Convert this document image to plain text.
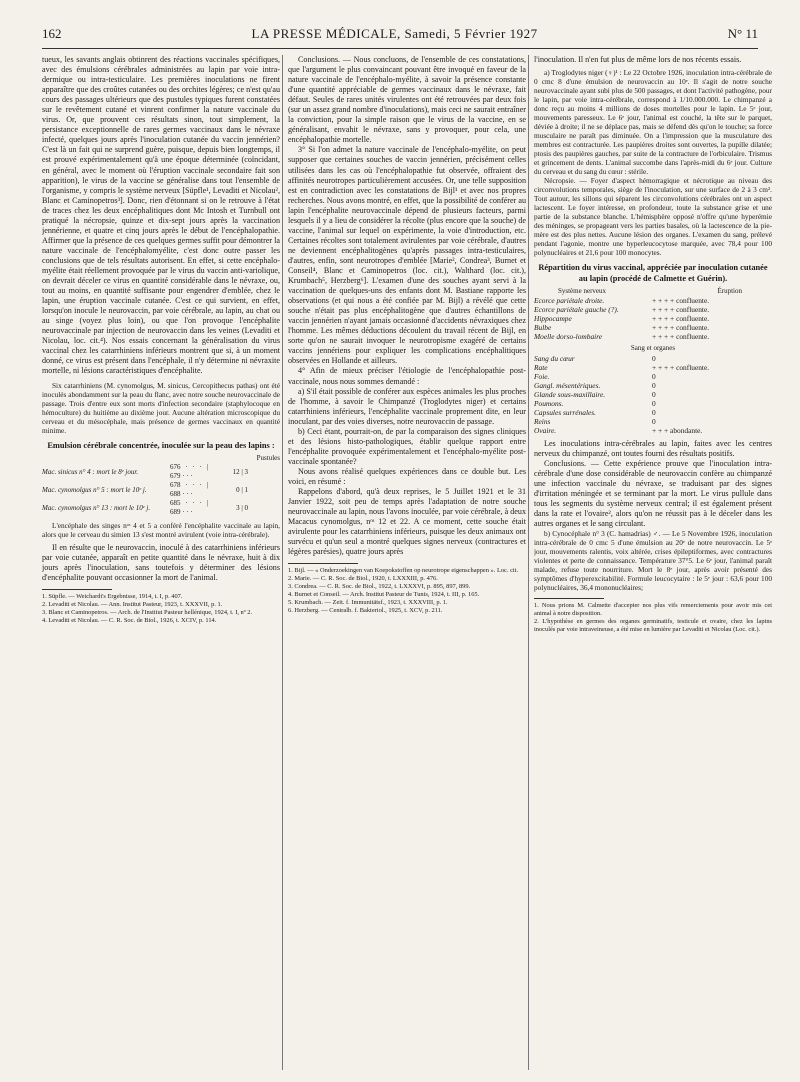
162	LA PRESSE MÉDICALE, Samedi, 5 Février 1927	N° 11

tueux, les savants anglais obtinrent des réactions vaccinales spécifiques, avec des émulsions cérébrales administrées au lapin par voie intra-dermique ou intra-testiculaire. Les premières inoculations ne firent apparaître que des croûtes cutanées ou des orchites légères; ce n'est qu'au cours des passages ultérieurs que des pustules typiques furent constatées sur le revêtement cutané et vinrent confirmer la nature vaccinale du virus. Or, que prouvent ces résultats sinon, tout simplement, la persistance exceptionnelle de rares germes vaccinaux dans le névraxe infecté, quelques jours après l'inoculation cutanée du vaccin jennérien? C'est là un fait qui ne surprend guère, puisque, depuis bien longtemps, il est prouvé expérimentalement qu'à une époque déterminée (coïncidant, en général, avec le moment où l'éruption vaccinale secondaire fait son apparition), le virus de la vaccine se généralise dans tout l'ensemble de l'organisme, y compris le système nerveux [Süpfle¹, Levaditi et Nicolau², Blanc et Caminopetros³]. Donc, rien d'étonnant si on le retrouve à l'état de traces chez les deux encéphalitiques dont Mc Intosh et Turnbull ont pratiqué la nécropsie, quinze et dix-sept jours après la vaccination jennérienne, et quatre et cinq jours après le début de l'encéphalopathie. Affirmer que la présence de ces quelques germes suffit pour démontrer la nature vaccinale de l'encéphalomyélite, c'est donc outre passer les conclusions que de tels résultats autorisent. En effet, si cette encéphalo-myélite était réellement provoquée par le virus du vaccin anti-variolique, on devrait déceler ce virus en quantité considérable dans le névraxe, ou, tout au moins, en quantité suffisante pour engendrer d'emblée, chez le lapin, une éruption vaccinale cutanée. C'est ce qui survient, en effet, lorsqu'on inocule le neurovaccin, par voie cérébrale, au lapin, au chat ou au singe (voyez plus loin), ou que l'on provoque l'encéphalite neurovaccinale par injection de neurovaccin dans les veines (Levaditi et Nicolau, loc. cit.⁴). Nos essais concernant la généralisation du virus vaccinal chez les catarrhiniens inférieurs montrent que si, à un moment donné, ce virus est présent dans l'encéphale, il n'y détermine ni névraxite mortelle, ni lésions caractéristiques d'encéphalite.

Six catarrhiniens (M. cynomolgus, M. sinicus, Cercopithecus pathas) ont été inoculés abondamment sur la peau du flanc, avec notre souche neurovaccinale de passage. Trois d'entre eux sont morts d'infection secondaire (staphylocoque en hémoculture) du huitième au dixième jour. Aucune altération microscopique du cerveau et du mésocéphale, mais présence de germes vaccinaux en quantité minime.

Emulsion cérébrale concentrée, inoculée sur la peau des lapins :
Pustules
Mac. sinicus n° 4 : mort le 8ᵉ jour.
676 · · · | 679 · · ·
12 | 3
Mac. cynomolgus n° 5 : mort le 10ᵉ j.
678 · · · | 688 · · ·
0 | 1
Mac. cynomolgus n° 13 : mort le 10ᵉ j.
685 · · · | 689 · · ·
3 | 0

L'encéphale des singes nᵒˢ 4 et 5 a conféré l'encéphalite vaccinale au lapin, alors que le cerveau du simien 13 s'est montré avirulent (voie intra-cérébrale).

Il en résulte que le neurovaccin, inoculé à des catarrhiniens inférieurs par voie cutanée, apparaît en petite quantité dans le névraxe, huit à dix jours après l'inoculation, sans toutefois y déterminer des lésions d'encéphalite pouvant occasionner la mort de l'animal.

1. Süpfle. — Weichardt's Ergebnisse, 1914, t. I, p. 407.
2. Levaditi et Nicolau. — Ann. Institut Pasteur, 1923, t. XXXVII, p. 1.
3. Blanc et Caminopetros. — Arch. de l'Institut Pasteur hellénique, 1924, t. I, nº 2.
4. Levaditi et Nicolau. — C. R. Soc. de Biol., 1926, t. XCIV, p. 114.

Conclusions. — Nous concluons, de l'ensemble de ces constatations, que l'argument le plus convaincant pouvant être invoqué en faveur de la nature vaccinale de l'encéphalo-myélite, à savoir la présence constante d'une quantité appréciable de germes vaccinaux dans le névraxe, fait défaut. Seules de rares unités virulentes ont été retrouvées par deux fois (sur un assez grand nombre d'inoculations), mais ceci ne saurait entraîner la conviction, pour la simple raison que le virus de la vaccine, en se généralisant, envahit le névraxe, sans y provoquer, pour cela, une encéphalopathie mortelle.

3° Si l'on admet la nature vaccinale de l'encéphalo-myélite, on peut supposer que certaines souches de vaccin jennérien, précisément celles utilisées dans les cas où l'encéphalopathie fut observée, offraient des affinités neurotropes particulièrement accusées. Or, une telle supposition est en contradiction avec les constatations de Bijl¹ et avec nos propres recherches. Nous avons montré, en effet, que la possibilité de conférer au lapin l'encéphalite neurovaccinale dépend de plusieurs facteurs, parmi lesquels il y a lieu de considérer la récolte (plus encore que la souche) de vaccine, l'animal sur lequel on expérimente, la voie d'introduction, etc. Certaines récoltes sont totalement avirulentes par voie cérébrale, d'autres ne deviennent encéphalitogènes qu'après passages intra-testiculaires, d'autres, enfin, sont neurotropes d'emblée [Marie², Condrea³, Burnet et Conseil⁴, Blanc et Caminopetros (loc. cit.), Walthard (loc. cit.), Krumbach⁵, Herzberg⁶]. L'examen d'une des souches ayant servi à la vaccination de quelques-uns des enfants dont M. Bastiane rapporte les observations (et qui nous a été confiée par M. Bijl) a révélé que cette souche n'était pas plus encéphalitogène que d'autres échantillons de vaccin jennérien n'ayant jamais occasionné d'accidents névraxiques chez l'homme. Les mêmes déductions découlent du travail récent de Bijl, en sorte qu'on ne saurait invoquer le neurotropisme exagéré de certains vaccins jennériens pour expliquer les complications encéphalitiques observées en Hollande et ailleurs.

4° Afin de mieux préciser l'étiologie de l'encéphalopathie post-vaccinale, nous nous sommes demandé :

a) S'il était possible de conférer aux espèces animales les plus proches de l'homme, à savoir le Chimpanzé (Troglodytes niger) et certains catarrhiniens inférieurs, l'encéphalite vaccinale proprement dite, en leur inoculant, par des voies diverses, notre neurovaccin de passage.

b) Ceci étant, pourrait-on, de par la comparaison des signes cliniques et des lésions histo-pathologiques, établir quelque rapport entre l'encéphalite provoquée expérimentalement et l'encéphalo-myélite post-vaccinale spontanée?

Nous avons réalisé quelques expériences dans ce double but. Les voici, en résumé :

Rappelons d'abord, qu'à deux reprises, le 5 Juillet 1921 et le 31 Janvier 1922, soit peu de temps après l'adaptation de notre souche neurovaccinale au lapin, nous l'avons inoculée, par voie cérébrale, à deux Macacus cynomolgus, nᵒˢ 12 et 22. A ce moment, cette souche était avirulente pour les catarrhiniens inférieurs, puisque les deux animaux ont survécu et qu'un seul a montré quelques signes nerveux (contractures et légères parésies), quatre jours après

1. Bijl. — « Onderzoekingen van Koepokstoffen op neurotrope eigenschappen ». Loc. cit.
2. Marie. — C. R. Soc. de Biol., 1920, t. LXXXIII, p. 476.
3. Condrea. — C. R. Soc. de Biol., 1922, t. LXXXVI, p. 895, 897, 899.
4. Burnet et Conseil. — Arch. Institut Pasteur de Tunis, 1924, t. III, p. 165.
5. Krumbach. — Zeit. f. Immunitätsf., 1923, t. XXXVIII, p. 1.
6. Herzberg. — Centralb. f. Bakteriol., 1925, t. XCV, p. 211.

l'inoculation. Il n'en fut plus de même lors de nos récents essais.

a) Troglodytes niger (♀)¹ : Le 22 Octobre 1926, inoculation intra-cérébrale de 0 cmc 8 d'une émulsion de neurovaccin au 10ᵉ. Il s'agit de notre souche neurovaccinale ayant subi plus de 500 passages, et dont l'activité pathogène, pour le lapin, par voie intra-cérébrale, correspond à 1/10.000.000. Le chimpanzé a donc reçu au moins 4 millions de doses mortelles pour le lapin. Le 5ᵉ jour, mouvements paresseux. Le 6ᵉ jour, l'animal est couché, la tête sur le parquet, déviée à droite; il ne se déplace pas, mais se défend dès qu'on le touche; sa force musculaire ne paraît pas diminuée. On a l'impression que la musculature des membres est contracturée. Les paupières droites sont ouvertes, la pupille dilatée; ptosis des paupières gauches, par suite de la contracture de l'orbiculaire. Trismus et grincement de dents. L'animal succombe dans l'après-midi du 6ᵉ jour. Culture du cerveau et du sang du cœur : stérile.

Nécropsie. — Foyer d'aspect hémorragique et nécrotique au niveau des circonvolutions temporales, siège de l'inoculation, sur une surface de 2 à 3 cm². Tout autour, les sillons qui séparent les circonvolutions cérébrales ont un aspect lactescent. Le foyer intéresse, en profondeur, toute la substance grise et une partie de la substance blanche. L'hémisphère opposé n'offre qu'une hyperémie des méninges, se propageant vers les parties basales, où la lactescence de la pie-mère est des plus nettes. Aucune lésion des organes. L'examen du sang, prélevé pendant l'agonie, montre une hyperleucocytose marquée, avec 78,4 pour 100 polynucléaires et 21,6 pour 100 monocytes.

Répartition du virus vaccinal, appréciée par inoculation cutanée au lapin (procédé de Calmette et Guérin).
Système nerveux	Éruption
Ecorce pariétale droite.	+ + + + confluente.
Ecorce pariétale gauche (?).	+ + + + confluente.
Hippocampe	+ + + + confluente.
Bulbe	+ + + + confluente.
Moelle dorso-lombaire	+ + + + confluente.
Sang et organes
Sang du cœur	0
Rate	+ + + + confluente.
Foie.	0
Gangl. mésentériques.	0
Glande sous-maxillaire.	0
Poumons.	0
Capsules surrénales.	0
Reins	0
Ovaire.	+ + + abondante.

Les inoculations intra-cérébrales au lapin, faites avec les centres nerveux du chimpanzé, ont toutes fourni des résultats positifs.

Conclusions. — Cette expérience prouve que l'inoculation intra-cérébrale d'une dose considérable de neurovaccin confère au chimpanzé une infection vaccinale du névraxe, se traduisant par des signes d'irritation méningée et se terminant par la mort. Le virus pullule dans tous les segments du système nerveux central; il est également présent dans la rate et l'ovaire², alors qu'on ne réussit pas à le déceler dans les autres organes et le sang circulant.

b) Cynocéphale n° 3 (C. hamadrias) ♂. — Le 5 Novembre 1926, inoculation intra-cérébrale de 0 cmc 5 d'une émulsion au 20ᵉ de notre neurovaccin. Le 5ᵉ jour, mouvements ralentis, voix altérée, crises épileptiformes, avec contractures violentes et perte de connaissance. Température 37°5. Le 6ᵉ jour, l'animal paraît malade, refuse toute nourriture. Mort le 8ᵉ jour, après avoir présenté des symptômes d'hyperexcitabilité. Formule leucocytaire : le 5ᵉ jour : 63,6 pour 100 polynucléaires, 36,4 mononucléaires;

1. Nous prions M. Calmette d'accepter nos plus vifs remerciements pour avoir mis cet animal à notre disposition.
2. L'hypothèse en germes des organes germinatifs, testicule et ovaire, chez les lapins inoculés par voie intraveineuse, a été mise en lumière par Levaditi et Nicolau (Loc. cit.).
